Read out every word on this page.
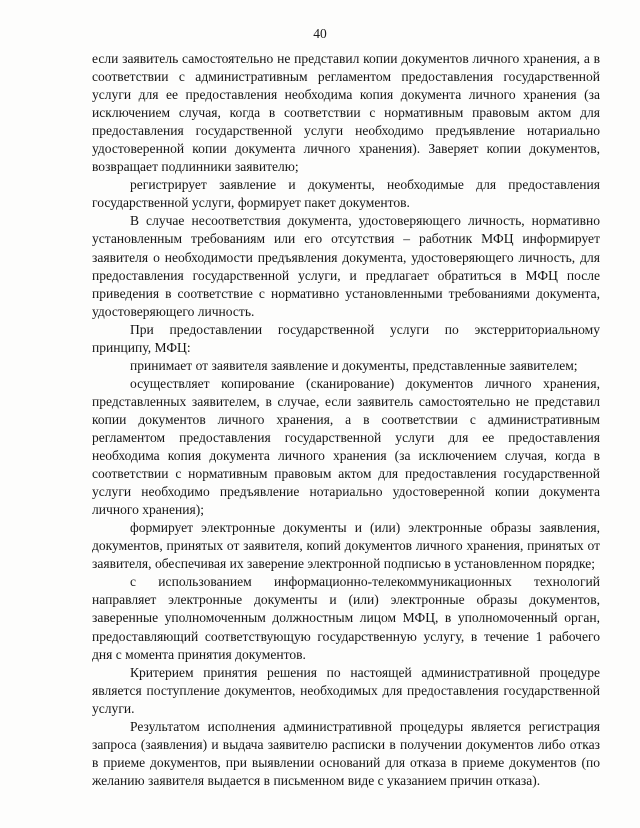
40

если заявитель самостоятельно не представил копии документов личного хранения, а в соответствии с административным регламентом предоставления государственной услуги для ее предоставления необходима копия документа личного хранения (за исключением случая, когда в соответствии с нормативным правовым актом для предоставления государственной услуги необходимо предъявление нотариально удостоверенной копии документа личного хранения). Заверяет копии документов, возвращает подлинники заявителю;

регистрирует заявление и документы, необходимые для предоставления государственной услуги, формирует пакет документов.

В случае несоответствия документа, удостоверяющего личность, нормативно установленным требованиям или его отсутствия – работник МФЦ информирует заявителя о необходимости предъявления документа, удостоверяющего личность, для предоставления государственной услуги, и предлагает обратиться в МФЦ после приведения в соответствие с нормативно установленными требованиями документа, удостоверяющего личность.

При предоставлении государственной услуги по экстерриториальному принципу, МФЦ:

принимает от заявителя заявление и документы, представленные заявителем;

осуществляет копирование (сканирование) документов личного хранения, представленных заявителем, в случае, если заявитель самостоятельно не представил копии документов личного хранения, а в соответствии с административным регламентом предоставления государственной услуги для ее предоставления необходима копия документа личного хранения (за исключением случая, когда в соответствии с нормативным правовым актом для предоставления государственной услуги необходимо предъявление нотариально удостоверенной копии документа личного хранения);

формирует электронные документы и (или) электронные образы заявления, документов, принятых от заявителя, копий документов личного хранения, принятых от заявителя, обеспечивая их заверение электронной подписью в установленном порядке;

с использованием информационно-телекоммуникационных технологий направляет электронные документы и (или) электронные образы документов, заверенные уполномоченным должностным лицом МФЦ, в уполномоченный орган, предоставляющий соответствующую государственную услугу, в течение 1 рабочего дня с момента принятия документов.

Критерием принятия решения по настоящей административной процедуре является поступление документов, необходимых для предоставления государственной услуги.

Результатом исполнения административной процедуры является регистрация запроса (заявления) и выдача заявителю расписки в получении документов либо отказ в приеме документов, при выявлении оснований для отказа в приеме документов (по желанию заявителя выдается в письменном виде с указанием причин отказа).
